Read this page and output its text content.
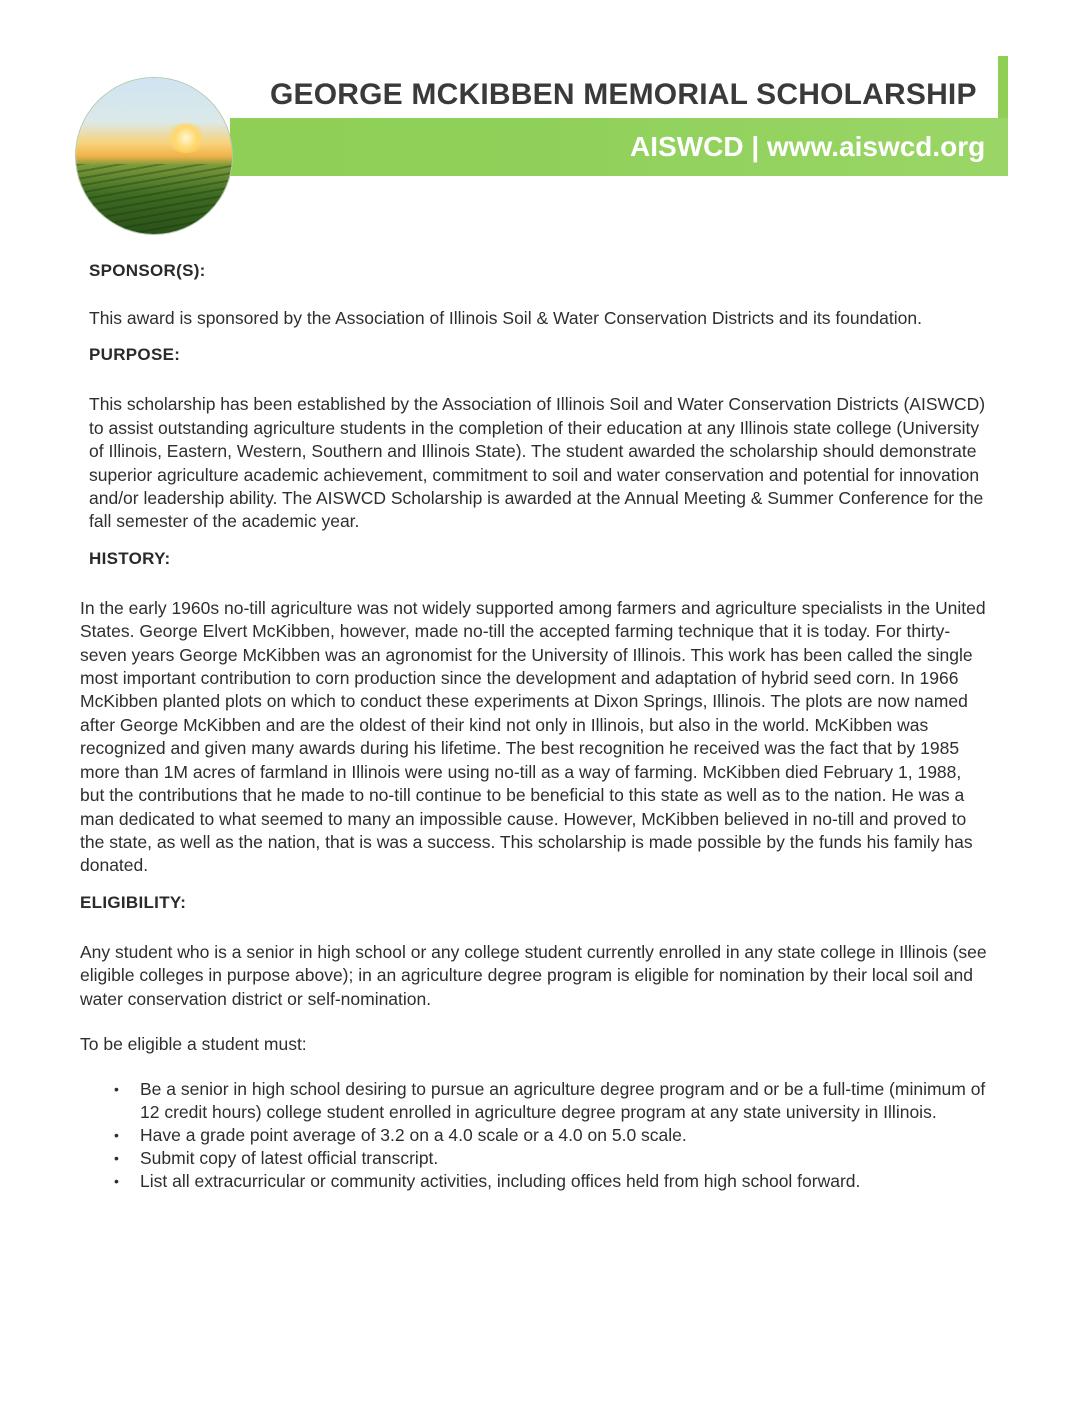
GEORGE MCKIBBEN MEMORIAL SCHOLARSHIP
AISWCD | www.aiswcd.org
SPONSOR(S):

This award is sponsored by the Association of Illinois Soil & Water Conservation Districts and its foundation.

PURPOSE:

This scholarship has been established by the Association of Illinois Soil and Water Conservation Districts (AISWCD) to assist outstanding agriculture students in the completion of their education at any Illinois state college (University of Illinois, Eastern, Western, Southern and Illinois State). The student awarded the scholarship should demonstrate superior agriculture academic achievement, commitment to soil and water conservation and potential for innovation and/or leadership ability. The AISWCD Scholarship is awarded at the Annual Meeting & Summer Conference for the fall semester of the academic year.

HISTORY:

In the early 1960s no-till agriculture was not widely supported among farmers and agriculture specialists in the United States. George Elvert McKibben, however, made no-till the accepted farming technique that it is today. For thirty-seven years George McKibben was an agronomist for the University of Illinois. This work has been called the single most important contribution to corn production since the development and adaptation of hybrid seed corn. In 1966 McKibben planted plots on which to conduct these experiments at Dixon Springs, Illinois. The plots are now named after George McKibben and are the oldest of their kind not only in Illinois, but also in the world. McKibben was recognized and given many awards during his lifetime. The best recognition he received was the fact that by 1985 more than 1M acres of farmland in Illinois were using no-till as a way of farming. McKibben died February 1, 1988, but the contributions that he made to no-till continue to be beneficial to this state as well as to the nation. He was a man dedicated to what seemed to many an impossible cause. However, McKibben believed in no-till and proved to the state, as well as the nation, that is was a success. This scholarship is made possible by the funds his family has donated.

ELIGIBILITY:

Any student who is a senior in high school or any college student currently enrolled in any state college in Illinois (see eligible colleges in purpose above); in an agriculture degree program is eligible for nomination by their local soil and water conservation district or self-nomination.

To be eligible a student must:

• Be a senior in high school desiring to pursue an agriculture degree program and or be a full-time (minimum of 12 credit hours) college student enrolled in agriculture degree program at any state university in Illinois.
• Have a grade point average of 3.2 on a 4.0 scale or a 4.0 on 5.0 scale.
• Submit copy of latest official transcript.
• List all extracurricular or community activities, including offices held from high school forward.
